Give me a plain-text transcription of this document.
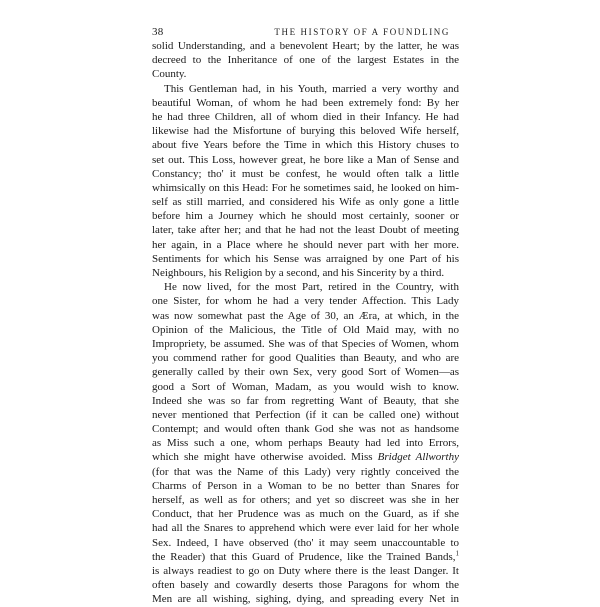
38	THE HISTORY OF A FOUNDLING
solid Understanding, and a benevolent Heart; by the latter, he was
decreed to the Inheritance of one of the largest Estates in the
County.
This Gentleman had, in his Youth, married a very worthy and
beautiful Woman, of whom he had been extremely fond: By her
he had three Children, all of whom died in their Infancy. He had
likewise had the Misfortune of burying this beloved Wife herself,
about five Years before the Time in which this History chuses to
set out. This Loss, however great, he bore like a Man of Sense and
Constancy; tho' it must be confest, he would often talk a little
whimsically on this Head: For he sometimes said, he looked on him-
self as still married, and considered his Wife as only gone a little
before him a Journey which he should most certainly, sooner or
later, take after her; and that he had not the least Doubt of meeting
her again, in a Place where he should never part with her more.
Sentiments for which his Sense was arraigned by one Part of his
Neighbours, his Religion by a second, and his Sincerity by a third.
He now lived, for the most Part, retired in the Country, with
one Sister, for whom he had a very tender Affection. This Lady
was now somewhat past the Age of 30, an Æra, at which, in the
Opinion of the Malicious, the Title of Old Maid may, with no
Impropriety, be assumed. She was of that Species of Women, whom
you commend rather for good Qualities than Beauty, and who are
generally called by their own Sex, very good Sort of Women—as
good a Sort of Woman, Madam, as you would wish to know.
Indeed she was so far from regretting Want of Beauty, that she
never mentioned that Perfection (if it can be called one) without
Contempt; and would often thank God she was not as handsome
as Miss such a one, whom perhaps Beauty had led into Errors,
which she might have otherwise avoided. Miss Bridget Allworthy
(for that was the Name of this Lady) very rightly conceived the
Charms of Person in a Woman to be no better than Snares for
herself, as well as for others; and yet so discreet was she in her
Conduct, that her Prudence was as much on the Guard, as if she
had all the Snares to apprehend which were ever laid for her whole
Sex. Indeed, I have observed (tho' it may seem unaccountable to
the Reader) that this Guard of Prudence, like the Trained Bands,$^1$
is always readiest to go on Duty where there is the least Danger. It
often basely and cowardly deserts those Paragons for whom the
Men are all wishing, sighing, dying, and spreading every Net in
